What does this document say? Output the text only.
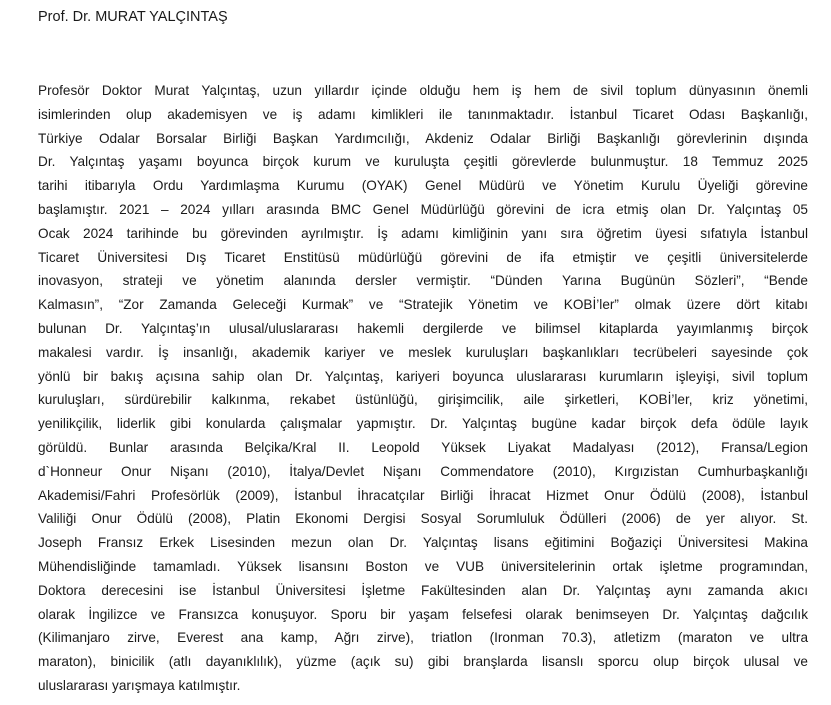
Prof. Dr. MURAT YALÇINTAŞ
Profesör Doktor Murat Yalçıntaş, uzun yıllardır içinde olduğu hem iş hem de sivil toplum dünyasının önemli
isimlerinden olup akademisyen ve iş adamı kimlikleri ile tanınmaktadır. İstanbul Ticaret Odası Başkanlığı,
Türkiye Odalar Borsalar Birliği Başkan Yardımcılığı, Akdeniz Odalar Birliği Başkanlığı görevlerinin dışında
Dr. Yalçıntaş yaşamı boyunca birçok kurum ve kuruluşta çeşitli görevlerde bulunmuştur. 18 Temmuz 2025
tarihi itibarıyla Ordu Yardımlaşma Kurumu (OYAK) Genel Müdürü ve Yönetim Kurulu Üyeliği görevine
başlamıştır. 2021 – 2024 yılları arasında BMC Genel Müdürlüğü görevini de icra etmiş olan Dr. Yalçıntaş 05
Ocak 2024 tarihinde bu görevinden ayrılmıştır. İş adamı kimliğinin yanı sıra öğretim üyesi sıfatıyla İstanbul
Ticaret Üniversitesi Dış Ticaret Enstitüsü müdürlüğü görevini de ifa etmiştir ve çeşitli üniversitelerde
inovasyon, strateji ve yönetim alanında dersler vermiştir. “Dünden Yarına Bugünün Sözleri”, “Bende
Kalmasın”, “Zor Zamanda Geleceği Kurmak” ve “Stratejik Yönetim ve KOBİ’ler” olmak üzere dört kitabı
bulunan Dr. Yalçıntaş’ın ulusal/uluslararası hakemli dergilerde ve bilimsel kitaplarda yayımlanmış birçok
makalesi vardır. İş insanlığı, akademik kariyer ve meslek kuruluşları başkanlıkları tecrübeleri sayesinde çok
yönlü bir bakış açısına sahip olan Dr. Yalçıntaş, kariyeri boyunca uluslararası kurumların işleyişi, sivil toplum
kuruluşları, sürdürebilir kalkınma, rekabet üstünlüğü, girişimcilik, aile şirketleri, KOBİ’ler, kriz yönetimi,
yenilikçilik, liderlik gibi konularda çalışmalar yapmıştır. Dr. Yalçıntaş bugüne kadar birçok defa ödüle layık
görüldü. Bunlar arasında Belçika/Kral II. Leopold Yüksek Liyakat Madalyası (2012), Fransa/Legion
d`Honneur Onur Nişanı (2010), İtalya/Devlet Nişanı Commendatore (2010), Kırgızistan Cumhurbaşkanlığı
Akademisi/Fahri Profesörlük (2009), İstanbul İhracatçılar Birliği İhracat Hizmet Onur Ödülü (2008), İstanbul
Valiliği Onur Ödülü (2008), Platin Ekonomi Dergisi Sosyal Sorumluluk Ödülleri (2006) de yer alıyor. St.
Joseph Fransız Erkek Lisesinden mezun olan Dr. Yalçıntaş lisans eğitimini Boğaziçi Üniversitesi Makina
Mühendisliğinde tamamladı. Yüksek lisansını Boston ve VUB üniversitelerinin ortak işletme programından,
Doktora derecesini ise İstanbul Üniversitesi İşletme Fakültesinden alan Dr. Yalçıntaş aynı zamanda akıcı
olarak İngilizce ve Fransızca konuşuyor. Sporu bir yaşam felsefesi olarak benimseyen Dr. Yalçıntaş dağcılık
(Kilimanjaro zirve, Everest ana kamp, Ağrı zirve), triatlon (Ironman 70.3), atletizm (maraton ve ultra
maraton), binicilik (atlı dayanıklılık), yüzme (açık su) gibi branşlarda lisanslı sporcu olup birçok ulusal ve
uluslararası yarışmaya katılmıştır.
